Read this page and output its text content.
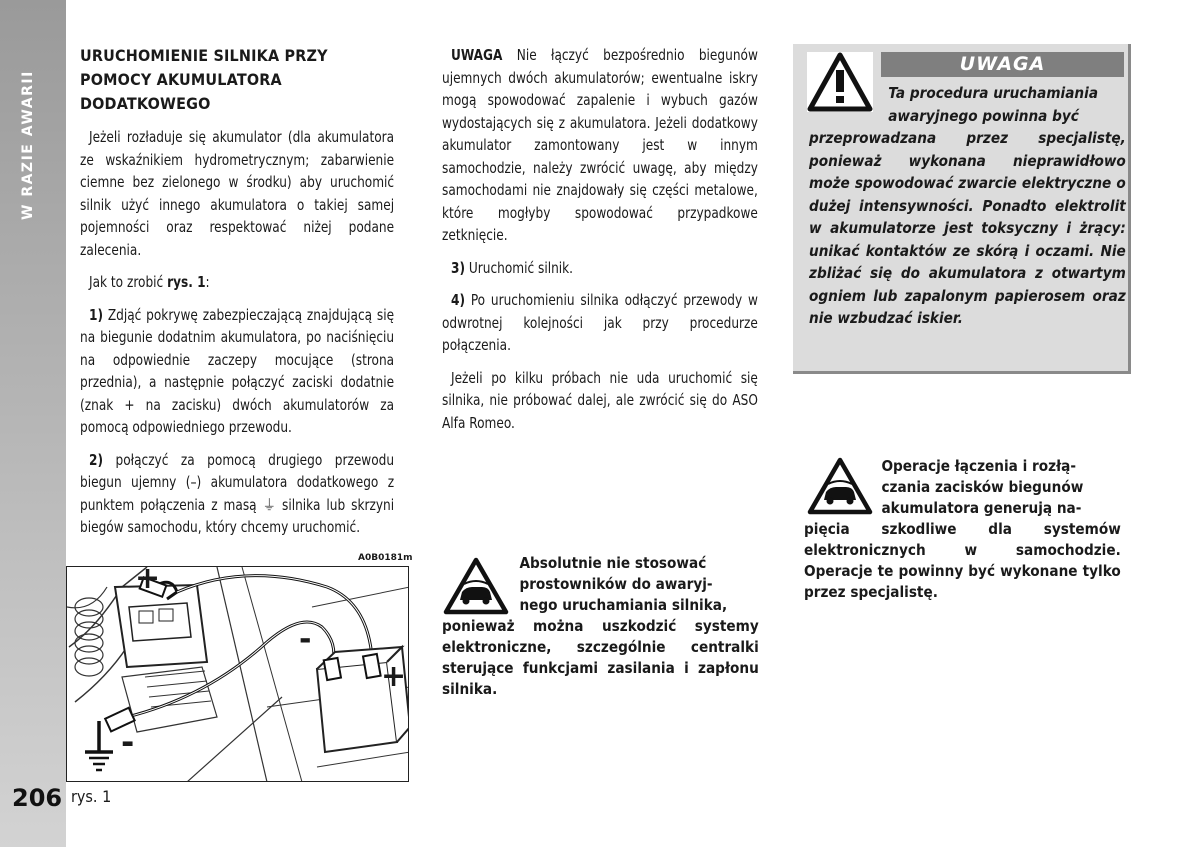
W RAZIE AWARII
206
URUCHOMIENIE SILNIKA PRZY POMOCY AKUMULATORA DODATKOWEGO

Jeżeli rozładuje się akumulator (dla akumulatora ze wskaźnikiem hydrometrycznym; zabarwienie ciemne bez zielonego w środku) aby uruchomić silnik użyć innego akumulatora o takiej samej pojemności oraz respektować niżej podane zalecenia.

Jak to zrobić rys. 1:

1) Zdjąć pokrywę zabezpieczającą znajdującą się na biegunie dodatnim akumulatora, po naciśnięciu na odpowiednie zaczepy mocujące (strona przednia), a następnie połączyć zaciski dodatnie (znak + na zacisku) dwóch akumulatorów za pomocą odpowiedniego przewodu.

2) połączyć za pomocą drugiego przewodu biegun ujemny (–) akumulatora dodatkowego z punktem połączenia z masą ⏚ silnika lub skrzyni biegów samochodu, który chcemy uruchomić.

UWAGA Nie łączyć bezpośrednio biegunów ujemnych dwóch akumulatorów; ewentualne iskry mogą spowodować zapalenie i wybuch gazów wydostających się z akumulatora. Jeżeli dodatkowy akumulator zamontowany jest w innym samochodzie, należy zwrócić uwagę, aby między samochodami nie znajdowały się części metalowe, które mogłyby spowodować przypadkowe zetknięcie.

3) Uruchomić silnik.

4) Po uruchomieniu silnika odłączyć przewody w odwrotnej kolejności jak przy procedurze połączenia.

Jeżeli po kilku próbach nie uda uruchomić się silnika, nie próbować dalej, ale zwrócić się do ASO Alfa Romeo.

A0B0181m
+
-
+
-
rys. 1
UWAGA
Ta procedura uruchamiania
awaryjnego powinna być
przeprowadzana przez specjalistę, ponieważ wykonana nieprawidłowo może spowodować zwarcie elektryczne o dużej intensywności. Ponadto elektrolit w akumulatorze jest toksyczny i żrący: unikać kontaktów ze skórą i oczami. Nie zbliżać się do akumulatora z otwartym ogniem lub zapalonym papierosem oraz nie wzbudzać iskier.
Absolutnie nie stosować
prostowników do awaryj-
nego uruchamiania silnika,
ponieważ można uszkodzić systemy elektroniczne, szczególnie centralki sterujące funkcjami zasilania i zapłonu silnika.
Operacje łączenia i rozłą-
czania zacisków biegunów
akumulatora generują na-
pięcia szkodliwe dla systemów elektronicznych w samochodzie. Operacje te powinny być wykonane tylko przez specjalistę.
